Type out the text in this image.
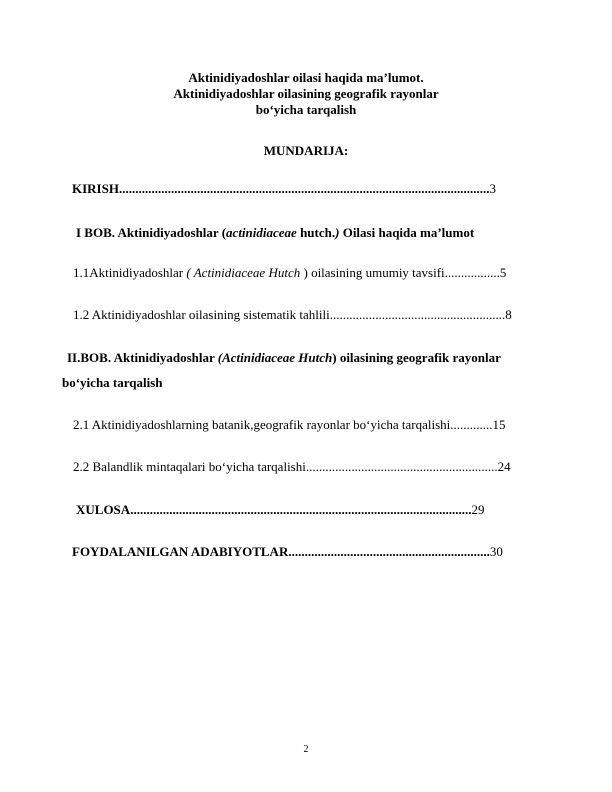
Aktinidiyadoshlar oilasi haqida ma’lumot.
Aktinidiyadoshlar oilasining geografik rayonlar
bo‘yicha tarqalish
MUNDARIJA:
KIRISH..................................................................................................................3
I BOB. Aktinidiyadoshlar (actinidiaceae hutch.) Oilasi haqida ma’lumot
1.1Aktinidiyadoshlar ( Actinidiaceae Hutch ) oilasining umumiy tavsifi.................5
1.2 Aktinidiyadoshlar oilasining sistematik tahlili......................................................8
II.BOB. Aktinidiyadoshlar (Actinidiaceae Hutch) oilasining geografik rayonlar
bo‘yicha tarqalish
2.1 Aktinidiyadoshlarning batanik,geografik rayonlar bo‘yicha tarqalishi.............15
2.2 Balandlik mintaqalari bo‘yicha tarqalishi...........................................................24
XULOSA.........................................................................................................29
FOYDALANILGAN ADABIYOTLAR..............................................................30
2
